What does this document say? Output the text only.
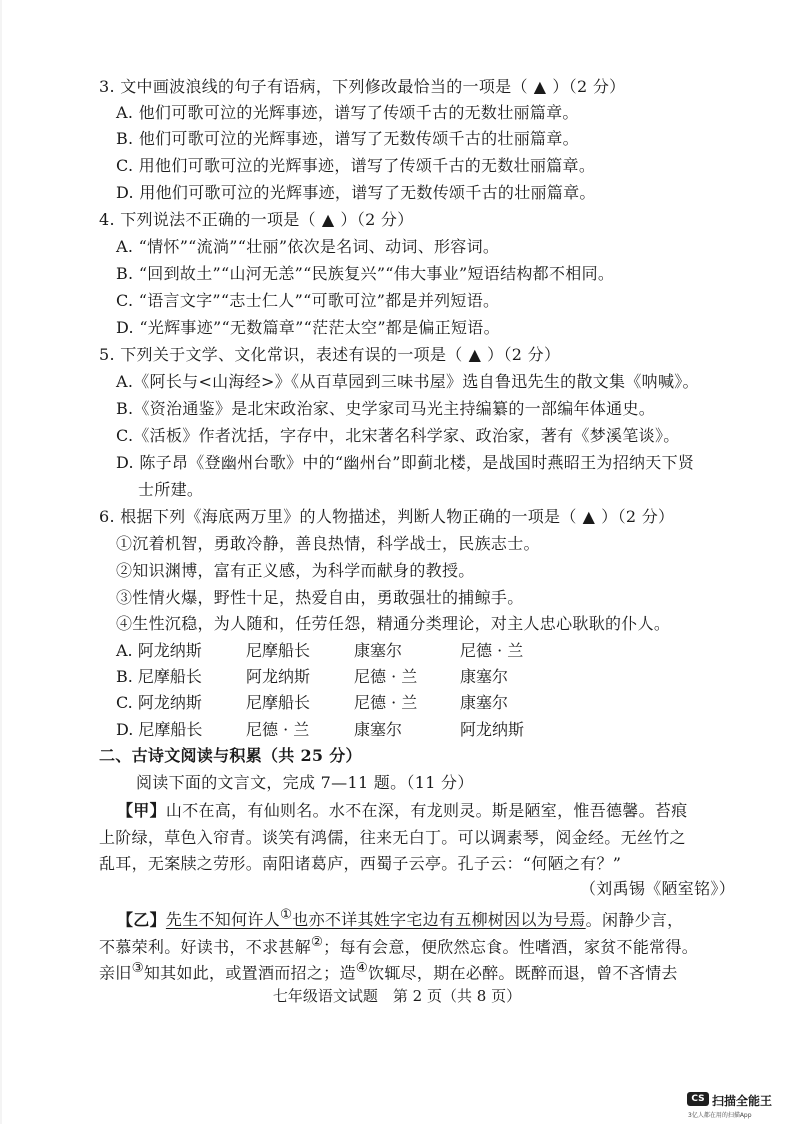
3. 文中画波浪线的句子有语病，下列修改最恰当的一项是（ ▲ ）（2 分）
A. 他们可歌可泣的光辉事迹，谱写了传颂千古的无数壮丽篇章。
B. 他们可歌可泣的光辉事迹，谱写了无数传颂千古的壮丽篇章。
C. 用他们可歌可泣的光辉事迹，谱写了传颂千古的无数壮丽篇章。
D. 用他们可歌可泣的光辉事迹，谱写了无数传颂千古的壮丽篇章。
4. 下列说法不正确的一项是（ ▲ ）（2 分）
A. “情怀”“流淌”“壮丽”依次是名词、动词、形容词。
B. “回到故土”“山河无恙”“民族复兴”“伟大事业”短语结构都不相同。
C. “语言文字”“志士仁人”“可歌可泣”都是并列短语。
D. “光辉事迹”“无数篇章”“茫茫太空”都是偏正短语。
5. 下列关于文学、文化常识，表述有误的一项是（ ▲ ）（2 分）
A.《阿长与<山海经>》《从百草园到三味书屋》选自鲁迅先生的散文集《呐喊》。
B.《资治通鉴》是北宋政治家、史学家司马光主持编纂的一部编年体通史。
C.《活板》作者沈括，字存中，北宋著名科学家、政治家，著有《梦溪笔谈》。
D. 陈子昂《登幽州台歌》中的“幽州台”即蓟北楼，是战国时燕昭王为招纳天下贤
士所建。
6. 根据下列《海底两万里》的人物描述，判断人物正确的一项是（ ▲ ）（2 分）
①沉着机智，勇敢冷静，善良热情，科学战士，民族志士。
②知识渊博，富有正义感，为科学而献身的教授。
③性情火爆，野性十足，热爱自由，勇敢强壮的捕鲸手。
④生性沉稳，为人随和，任劳任怨，精通分类理论，对主人忠心耿耿的仆人。
A. 阿龙纳斯	尼摩船长	康塞尔	尼德 · 兰
B. 尼摩船长	阿龙纳斯	尼德 · 兰	康塞尔
C. 阿龙纳斯	尼摩船长	尼德 · 兰	康塞尔
D. 尼摩船长	尼德 · 兰	康塞尔	阿龙纳斯
二、古诗文阅读与积累（共 25 分）
阅读下面的文言文，完成 7—11 题。（11 分）
【甲】山不在高，有仙则名。水不在深，有龙则灵。斯是陋室，惟吾德馨。苔痕
上阶绿，草色入帘青。谈笑有鸿儒，往来无白丁。可以调素琴，阅金经。无丝竹之
乱耳，无案牍之劳形。南阳诸葛庐，西蜀子云亭。孔子云：“何陋之有？”
（刘禹锡《陋室铭》）
【乙】先生不知何许人①也亦不详其姓字宅边有五柳树因以为号焉。闲静少言，
不慕荣利。好读书，不求甚解②；每有会意，便欣然忘食。性嗜酒，家贫不能常得。
亲旧③知其如此，或置酒而招之；造④饮辄尽，期在必醉。既醉而退，曾不吝情去
七年级语文试题　第 2 页（共 8 页）
CS 扫描全能王
3亿人都在用的扫描App
